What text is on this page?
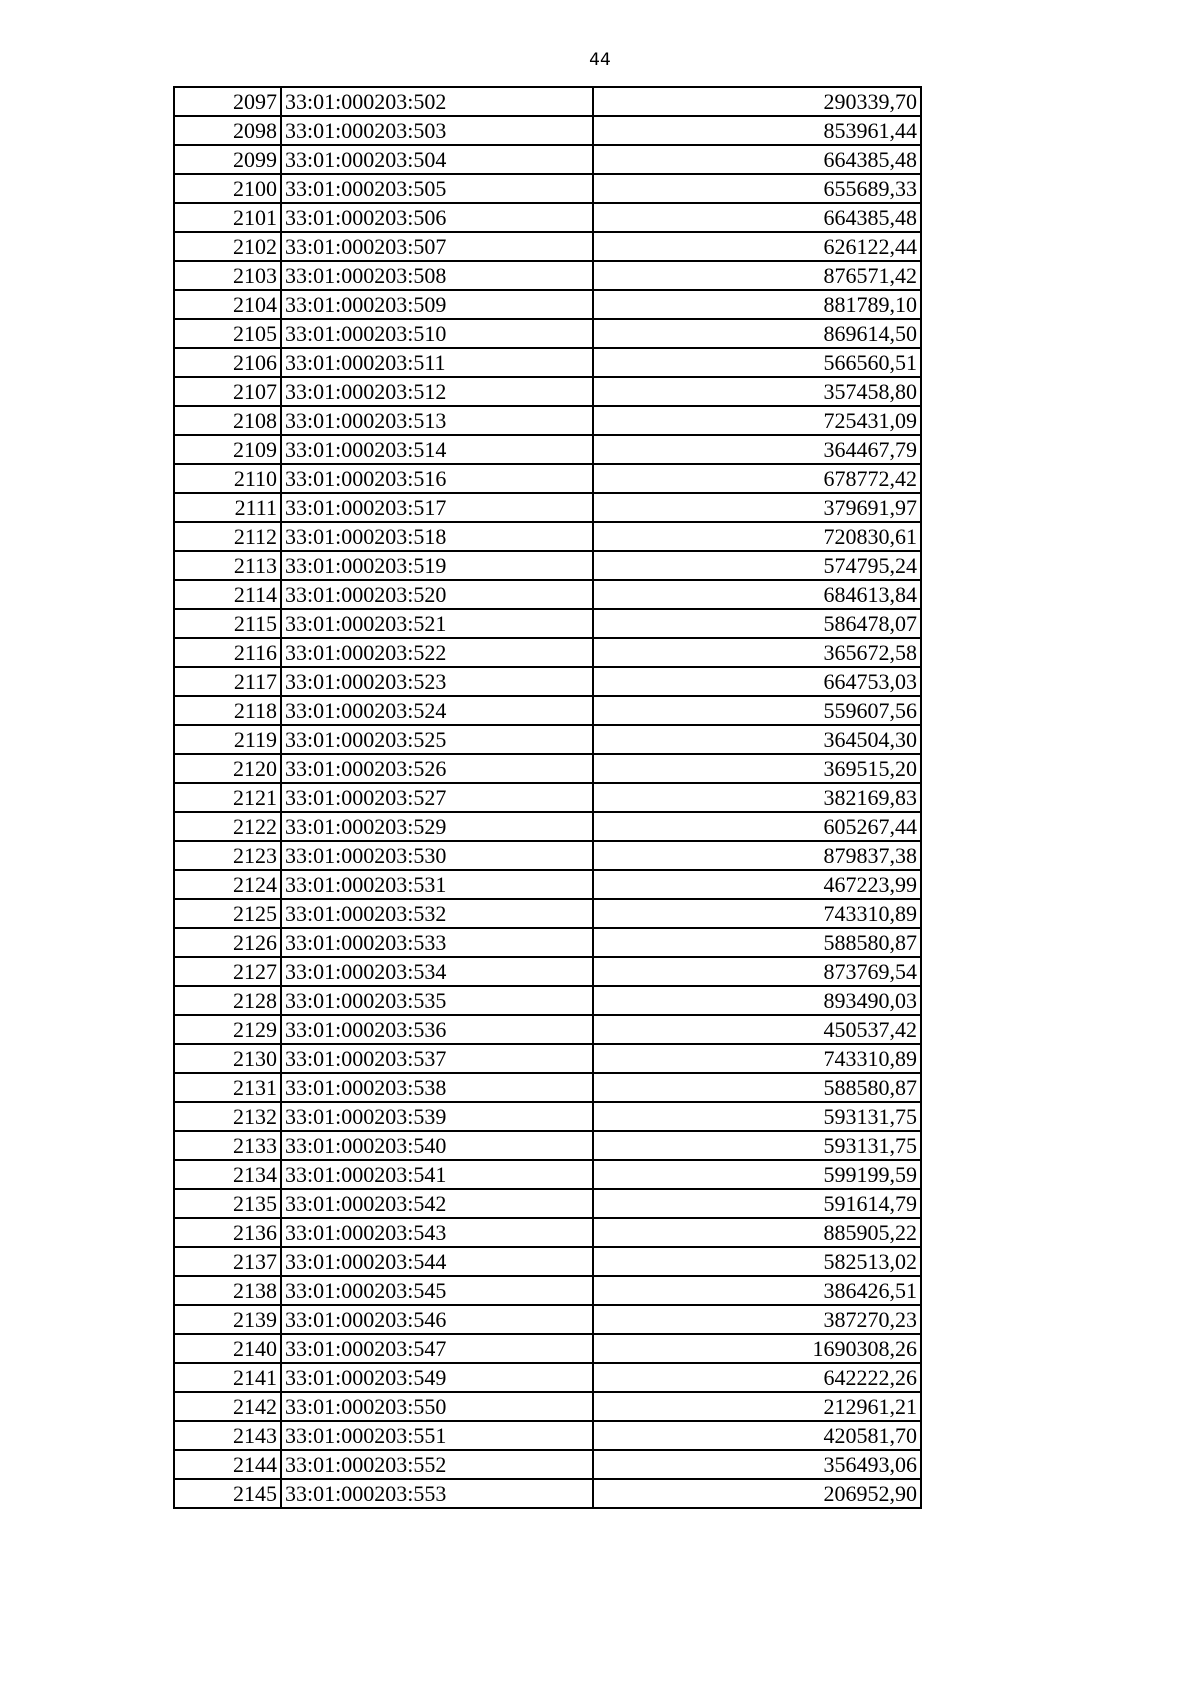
44
2097	33:01:000203:502	290339,70
2098	33:01:000203:503	853961,44
2099	33:01:000203:504	664385,48
2100	33:01:000203:505	655689,33
2101	33:01:000203:506	664385,48
2102	33:01:000203:507	626122,44
2103	33:01:000203:508	876571,42
2104	33:01:000203:509	881789,10
2105	33:01:000203:510	869614,50
2106	33:01:000203:511	566560,51
2107	33:01:000203:512	357458,80
2108	33:01:000203:513	725431,09
2109	33:01:000203:514	364467,79
2110	33:01:000203:516	678772,42
2111	33:01:000203:517	379691,97
2112	33:01:000203:518	720830,61
2113	33:01:000203:519	574795,24
2114	33:01:000203:520	684613,84
2115	33:01:000203:521	586478,07
2116	33:01:000203:522	365672,58
2117	33:01:000203:523	664753,03
2118	33:01:000203:524	559607,56
2119	33:01:000203:525	364504,30
2120	33:01:000203:526	369515,20
2121	33:01:000203:527	382169,83
2122	33:01:000203:529	605267,44
2123	33:01:000203:530	879837,38
2124	33:01:000203:531	467223,99
2125	33:01:000203:532	743310,89
2126	33:01:000203:533	588580,87
2127	33:01:000203:534	873769,54
2128	33:01:000203:535	893490,03
2129	33:01:000203:536	450537,42
2130	33:01:000203:537	743310,89
2131	33:01:000203:538	588580,87
2132	33:01:000203:539	593131,75
2133	33:01:000203:540	593131,75
2134	33:01:000203:541	599199,59
2135	33:01:000203:542	591614,79
2136	33:01:000203:543	885905,22
2137	33:01:000203:544	582513,02
2138	33:01:000203:545	386426,51
2139	33:01:000203:546	387270,23
2140	33:01:000203:547	1690308,26
2141	33:01:000203:549	642222,26
2142	33:01:000203:550	212961,21
2143	33:01:000203:551	420581,70
2144	33:01:000203:552	356493,06
2145	33:01:000203:553	206952,90
